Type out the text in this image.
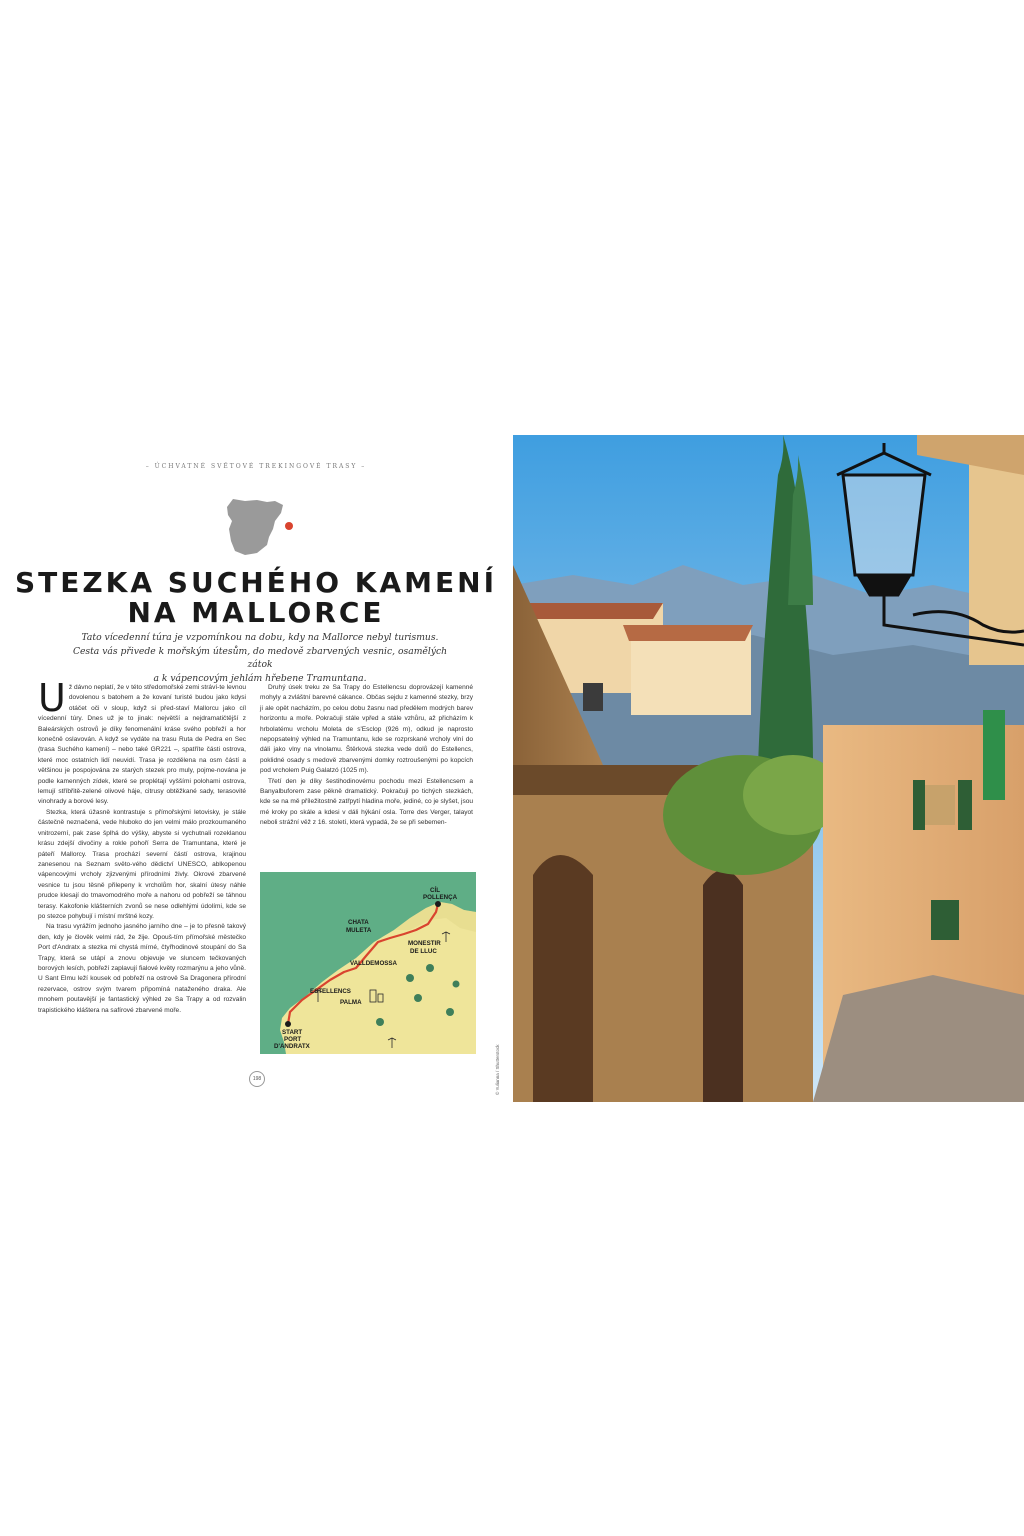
– ÚCHVATNÉ SVĚTOVÉ TREKINGOVÉ TRASY –
STEZKA SUCHÉHO KAMENÍ
NA MALLORCE
Tato vícedenní túra je vzpomínkou na dobu, kdy na Mallorce nebyl turismus.
Cesta vás přivede k mořským útesům, do medově zbarvených vesnic, osamělých zátok
a k vápencovým jehlám hřebene Tramuntana.

Už dávno neplatí, že v této středomořské zemi stráví-te levnou dovolenou s batohem a že kovaní turisté budou jako kdysi otáčet oči v sloup, když si před-staví Mallorcu jako cíl vícedenní túry. Dnes už je to jinak: největší a nejdramatičtější z Baleárských ostrovů je díky fenomenální kráse svého pobřeží a hor konečně oslavován. A když se vydáte na trasu Ruta de Pedra en Sec (trasa Suchého kamení) – nebo také GR221 –, spatříte části ostrova, které moc ostatních lidí neuvidí. Trasa je rozdělena na osm částí a většinou je pospojována ze starých stezek pro muly, pojme-nována je podle kamenných zídek, které se proplétají vyššími polohami ostrova, lemují stříbřitě-zelené olivové háje, citrusy obtěžkané sady, terasovité vinohrady a borové lesy.

Stezka, která úžasně kontrastuje s přímořskými letovisky, je stále částečně neznačená, vede hluboko do jen velmi málo prozkoumaného vnitrozemí, pak zase šplhá do výšky, abyste si vychutnali rozeklanou krásu zdejší divočiny a rokle pohoří Serra de Tramuntana, které je páteří Mallorcy. Trasa prochází severní částí ostrova, krajinou zanesenou na Seznam světo-vého dědictví UNESCO, ablkopenou vápencovými vrcholy zjizvenými přírodními živly. Okrové zbarvené vesnice tu jsou těsně přilepeny k vrcholům hor, skalní útesy náhle prudce klesají do tmavomodrého moře a nahoru od pobřeží se táhnou terasy. Kakofonie klášterních zvonů se nese odlehlými údolími, kde se po stezce pohybují i místní mrštné kozy.

Na trasu vyrážím jednoho jasného jarního dne – je to přesně takový den, kdy je člověk velmi rád, že žije. Opouš-tím přímořské městečko Port d'Andratx a stezka mi chystá mírné, čtyřhodinové stoupání do Sa Trapy, která se utápí a znovu objevuje ve sluncem tečkovaných borových lesích, pobřeží zaplavují fialové květy rozmarýnu a jeho vůně. U Sant Elmu leží kousek od pobřeží na ostrově Sa Dragonera přírodní rezervace, ostrov svým tvarem připomíná nataženého draka. Ale mnohem poutavější je fantastický výhled ze Sa Trapy a od rozvalin trapistického kláštera na safírové zbarvené moře.

Druhý úsek treku ze Sa Trapy do Estellencsu doprovázejí kamenné mohyly a zvláštní barevné cákance. Občas sejdu z kamenné stezky, brzy ji ale opět nacházím, po celou dobu žasnu nad předělem modrých barev horizontu a moře. Pokračuji stále vpřed a stále vzhůru, až přicházím k hrbolatému vrcholu Moleta de s'Esclop (926 m), odkud je naprosto nepopsatelný výhled na Tramuntanu, kde se rozprskané vrcholy vlní do dáli jako vlny na vlnolamu. Štěrková stezka vede dolů do Estellencs, poklidné osady s medově zbarvenými domky roztroušenými po kopcích pod vrcholem Puig Galatzó (1025 m).

Třetí den je díky šestihodinovému pochodu mezi Estellencsem a Banyalbuforem zase pěkně dramatický. Pokračuji po tichých stezkách, kde se na mě příležitostně zatřpytí hladina moře, jediné, co je slyšet, jsou mé kroky po skále a kdesi v dáli hýkání osla. Torre des Verger, talayot neboli strážní věž z 16. století, která vypadá, že se při sebemen-

CÍL
POLLENÇA
CHATA
MULETA
MONESTIR
DE LLUC
VALLDEMOSSA
ESTELLENCS
PALMA
START
PORT
D'ANDRATX
198	© Yulianna / Shutterstock
